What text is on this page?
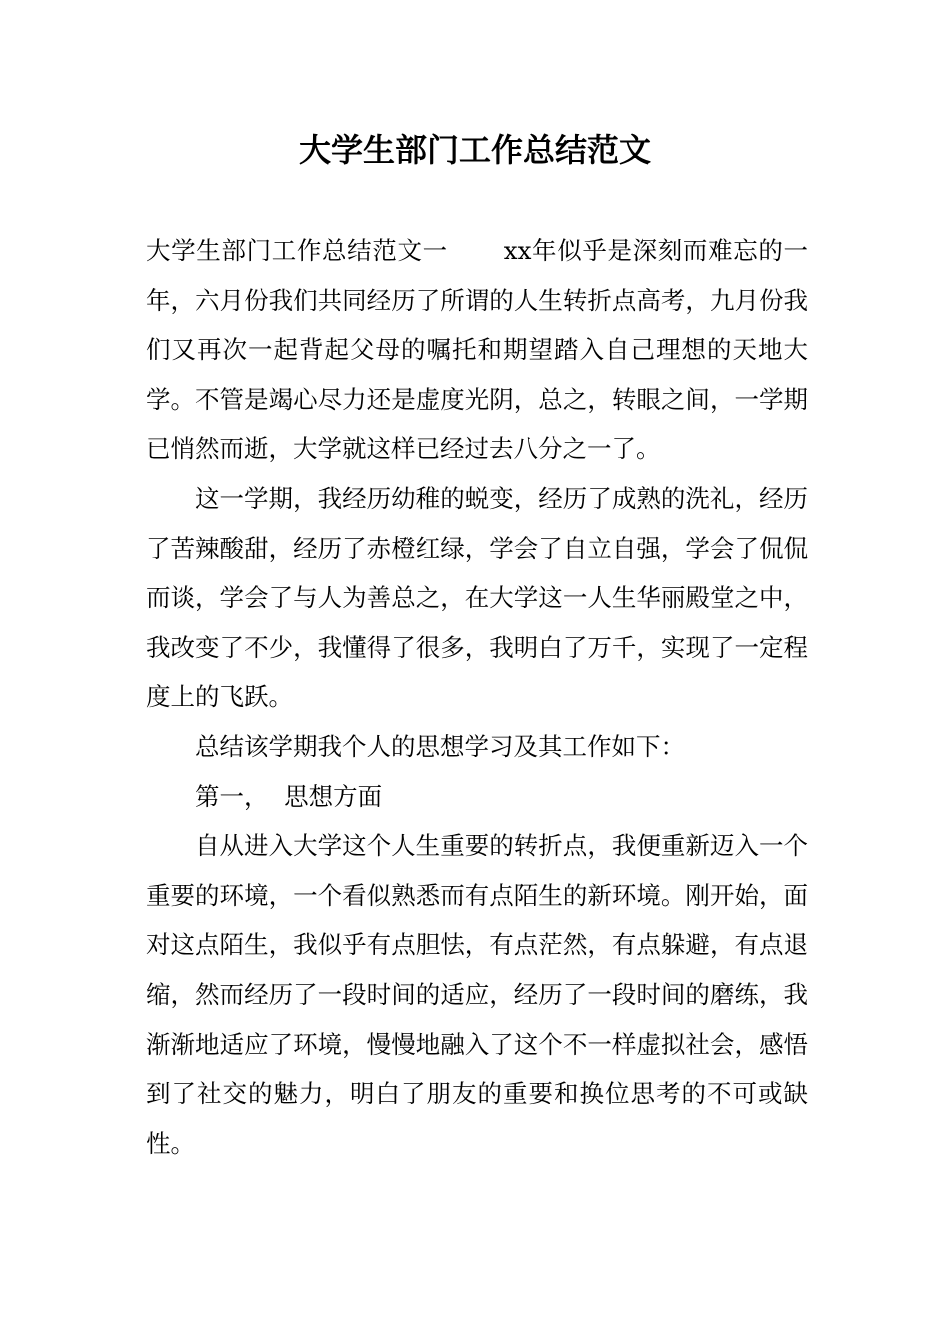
大学生部门工作总结范文

大学生部门工作总结范文一 xx年似乎是深刻而难忘的一年，六月份我们共同经历了所谓的人生转折点高考，九月份我们又再次一起背起父母的嘱托和期望踏入自己理想的天地大学。不管是竭心尽力还是虚度光阴，总之，转眼之间，一学期已悄然而逝，大学就这样已经过去八分之一了。

这一学期，我经历幼稚的蜕变，经历了成熟的洗礼，经历了苦辣酸甜，经历了赤橙红绿，学会了自立自强，学会了侃侃而谈，学会了与人为善总之，在大学这一人生华丽殿堂之中，我改变了不少，我懂得了很多，我明白了万千，实现了一定程度上的飞跃。

总结该学期我个人的思想学习及其工作如下：

第一，  思想方面

自从进入大学这个人生重要的转折点，我便重新迈入一个重要的环境，一个看似熟悉而有点陌生的新环境。刚开始，面对这点陌生，我似乎有点胆怯，有点茫然，有点躲避，有点退缩，然而经历了一段时间的适应，经历了一段时间的磨练，我渐渐地适应了环境，慢慢地融入了这个不一样虚拟社会，感悟到了社交的魅力，明白了朋友的重要和换位思考的不可或缺性。
